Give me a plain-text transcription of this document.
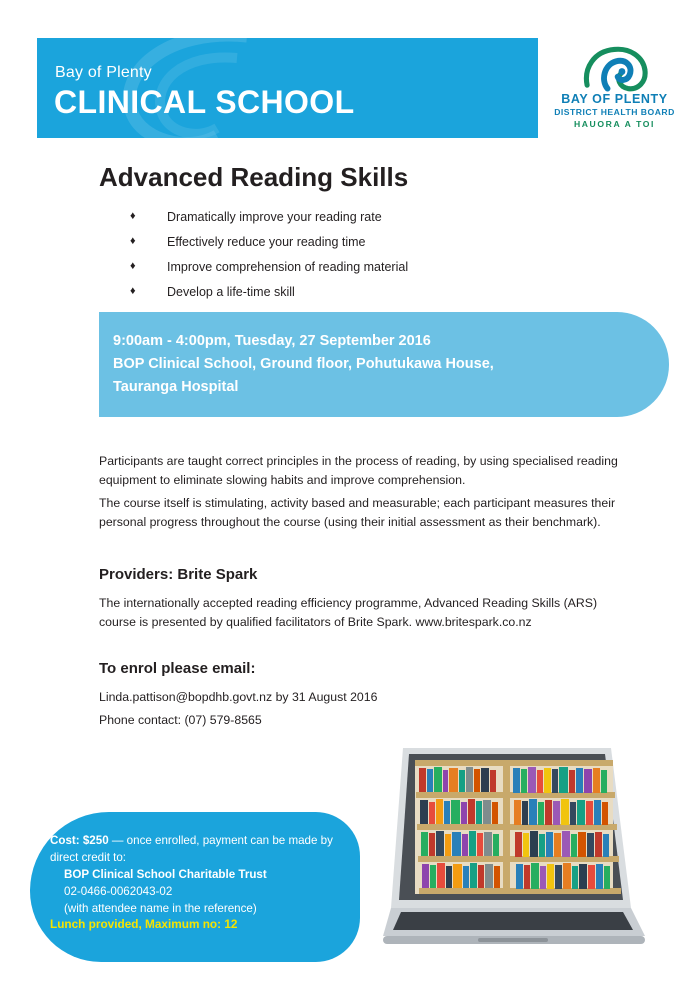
Bay of Plenty
CLINICAL SCHOOL	BAY OF PLENTY
DISTRICT HEALTH BOARD
HAUORA A TOI
Advanced Reading Skills
♦	Dramatically improve your reading rate
♦	Effectively reduce your reading time
♦	Improve comprehension of reading material
♦	Develop a life-time skill
9:00am - 4:00pm, Tuesday, 27 September 2016
BOP Clinical School, Ground floor, Pohutukawa House,
Tauranga Hospital
Participants are taught correct principles in the process of reading, by using specialised reading equipment to eliminate slowing habits and improve comprehension.
The course itself is stimulating, activity based and measurable; each participant measures their personal progress throughout the course (using their initial assessment as their benchmark).
Providers: Brite Spark
The internationally accepted reading efficiency programme, Advanced Reading Skills (ARS) course is presented by qualified facilitators of Brite Spark. www.britespark.co.nz
To enrol please email:
Linda.pattison@bopdhb.govt.nz by 31 August 2016
Phone contact: (07) 579-8565
Cost: $250 — once enrolled, payment can be made by direct credit to:
BOP Clinical School Charitable Trust
02-0466-0062043-02
(with attendee name in the reference)
Lunch provided, Maximum no: 12
